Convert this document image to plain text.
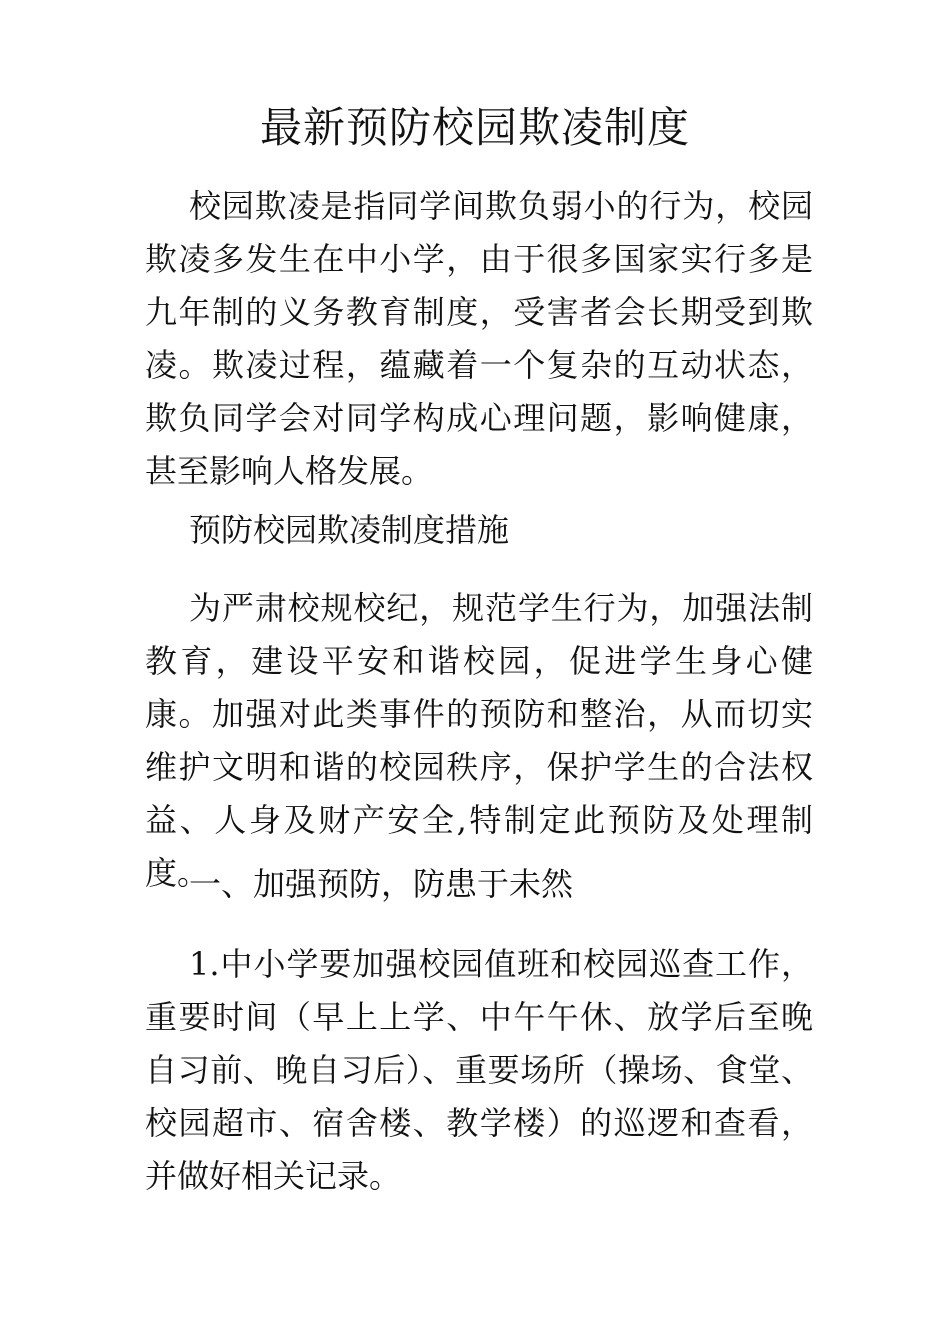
最新预防校园欺凌制度

校园欺凌是指同学间欺负弱小的行为，校园欺凌多发生在中小学，由于很多国家实行多是九年制的义务教育制度，受害者会长期受到欺凌。欺凌过程，蕴藏着一个复杂的互动状态，欺负同学会对同学构成心理问题，影响健康，甚至影响人格发展。

预防校园欺凌制度措施

为严肃校规校纪，规范学生行为，加强法制教育，建设平安和谐校园，促进学生身心健康。加强对此类事件的预防和整治，从而切实维护文明和谐的校园秩序，保护学生的合法权益、人身及财产安全,特制定此预防及处理制度。

一、加强预防，防患于未然

1.中小学要加强校园值班和校园巡查工作，重要时间（早上上学、中午午休、放学后至晚自习前、晚自习后）、重要场所（操场、食堂、校园超市、宿舍楼、教学楼）的巡逻和查看，并做好相关记录。
